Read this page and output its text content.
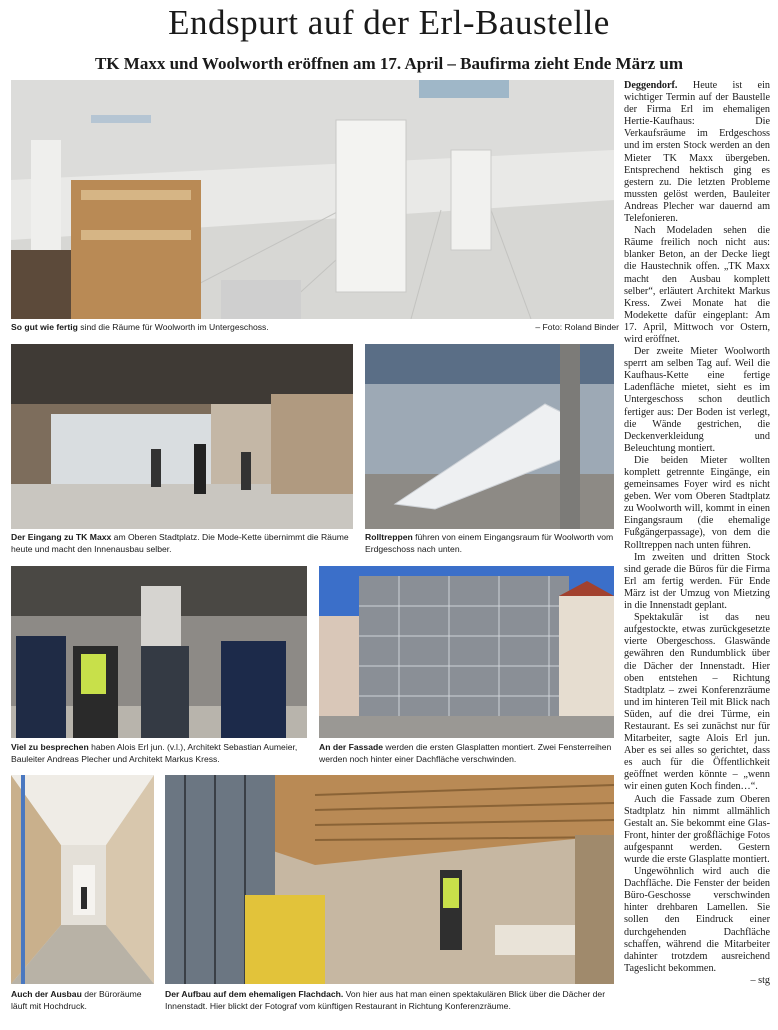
Endspurt auf der Erl-Baustelle
TK Maxx und Woolworth eröffnen am 17. April – Baufirma zieht Ende März um
So gut wie fertig sind die Räume für Woolworth im Untergeschoss.	– Foto: Roland Binder
Der Eingang zu TK Maxx am Oberen Stadtplatz. Die Mode-Kette übernimmt die Räume heute und macht den Innenausbau selber.
Rolltreppen führen von einem Eingangsraum für Woolworth vom Erdgeschoss nach unten.
Viel zu besprechen haben Alois Erl jun. (v.l.), Architekt Sebastian Aumeier, Bauleiter Andreas Plecher und Architekt Markus Kress.
An der Fassade werden die ersten Glasplatten montiert. Zwei Fensterreihen werden noch hinter einer Dachfläche verschwinden.
Auch der Ausbau der Büroräume läuft mit Hochdruck.
Der Aufbau auf dem ehemaligen Flachdach. Von hier aus hat man einen spektakulären Blick über die Dächer der Innenstadt. Hier blickt der Fotograf vom künftigen Restaurant in Richtung Konferenzräume.

Deggendorf. Heute ist ein wichtiger Termin auf der Baustelle der Firma Erl im ehemaligen Hertie-Kaufhaus: Die Verkaufsräume im Erdgeschoss und im ersten Stock werden an den Mieter TK Maxx übergeben. Entsprechend hektisch ging es gestern zu. Die letzten Probleme mussten gelöst werden, Bauleiter Andreas Plecher war dauernd am Telefonieren.

Nach Modeladen sehen die Räume freilich noch nicht aus: blanker Beton, an der Decke liegt die Haustechnik offen. „TK Maxx macht den Ausbau komplett selber“, erläutert Architekt Markus Kress. Zwei Monate hat die Modekette dafür eingeplant: Am 17. April, Mittwoch vor Ostern, wird eröffnet.

Der zweite Mieter Woolworth sperrt am selben Tag auf. Weil die Kaufhaus-Kette eine fertige Ladenfläche mietet, sieht es im Untergeschoss schon deutlich fertiger aus: Der Boden ist verlegt, die Wände gestrichen, die Deckenverkleidung und Beleuchtung montiert.

Die beiden Mieter wollten komplett getrennte Eingänge, ein gemeinsames Foyer wird es nicht geben. Wer vom Oberen Stadtplatz zu Woolworth will, kommt in einen Eingangsraum (die ehemalige Fußgängerpassage), von dem die Rolltreppen nach unten führen.

Im zweiten und dritten Stock sind gerade die Büros für die Firma Erl am fertig werden. Für Ende März ist der Umzug von Mietzing in die Innenstadt geplant.

Spektakulär ist das neu aufgestockte, etwas zurückgesetzte vierte Obergeschoss. Glaswände gewähren den Rundumblick über die Dächer der Innenstadt. Hier oben entstehen – Richtung Stadtplatz – zwei Konferenzräume und im hinteren Teil mit Blick nach Süden, auf die drei Türme, ein Restaurant. Es sei zunächst nur für Mitarbeiter, sagte Alois Erl jun. Aber es sei alles so gerichtet, dass es auch für die Öffentlichkeit geöffnet werden könnte – „wenn wir einen guten Koch finden…“.

Auch die Fassade zum Oberen Stadtplatz hin nimmt allmählich Gestalt an. Sie bekommt eine Glas-Front, hinter der großflächige Fotos aufgespannt werden. Gestern wurde die erste Glasplatte montiert.

Ungewöhnlich wird auch die Dachfläche. Die Fenster der beiden Büro-Geschosse verschwinden hinter drehbaren Lamellen. Sie sollen den Eindruck einer durchgehenden Dachfläche schaffen, während die Mitarbeiter dahinter trotzdem ausreichend Tageslicht bekommen.

– stg
